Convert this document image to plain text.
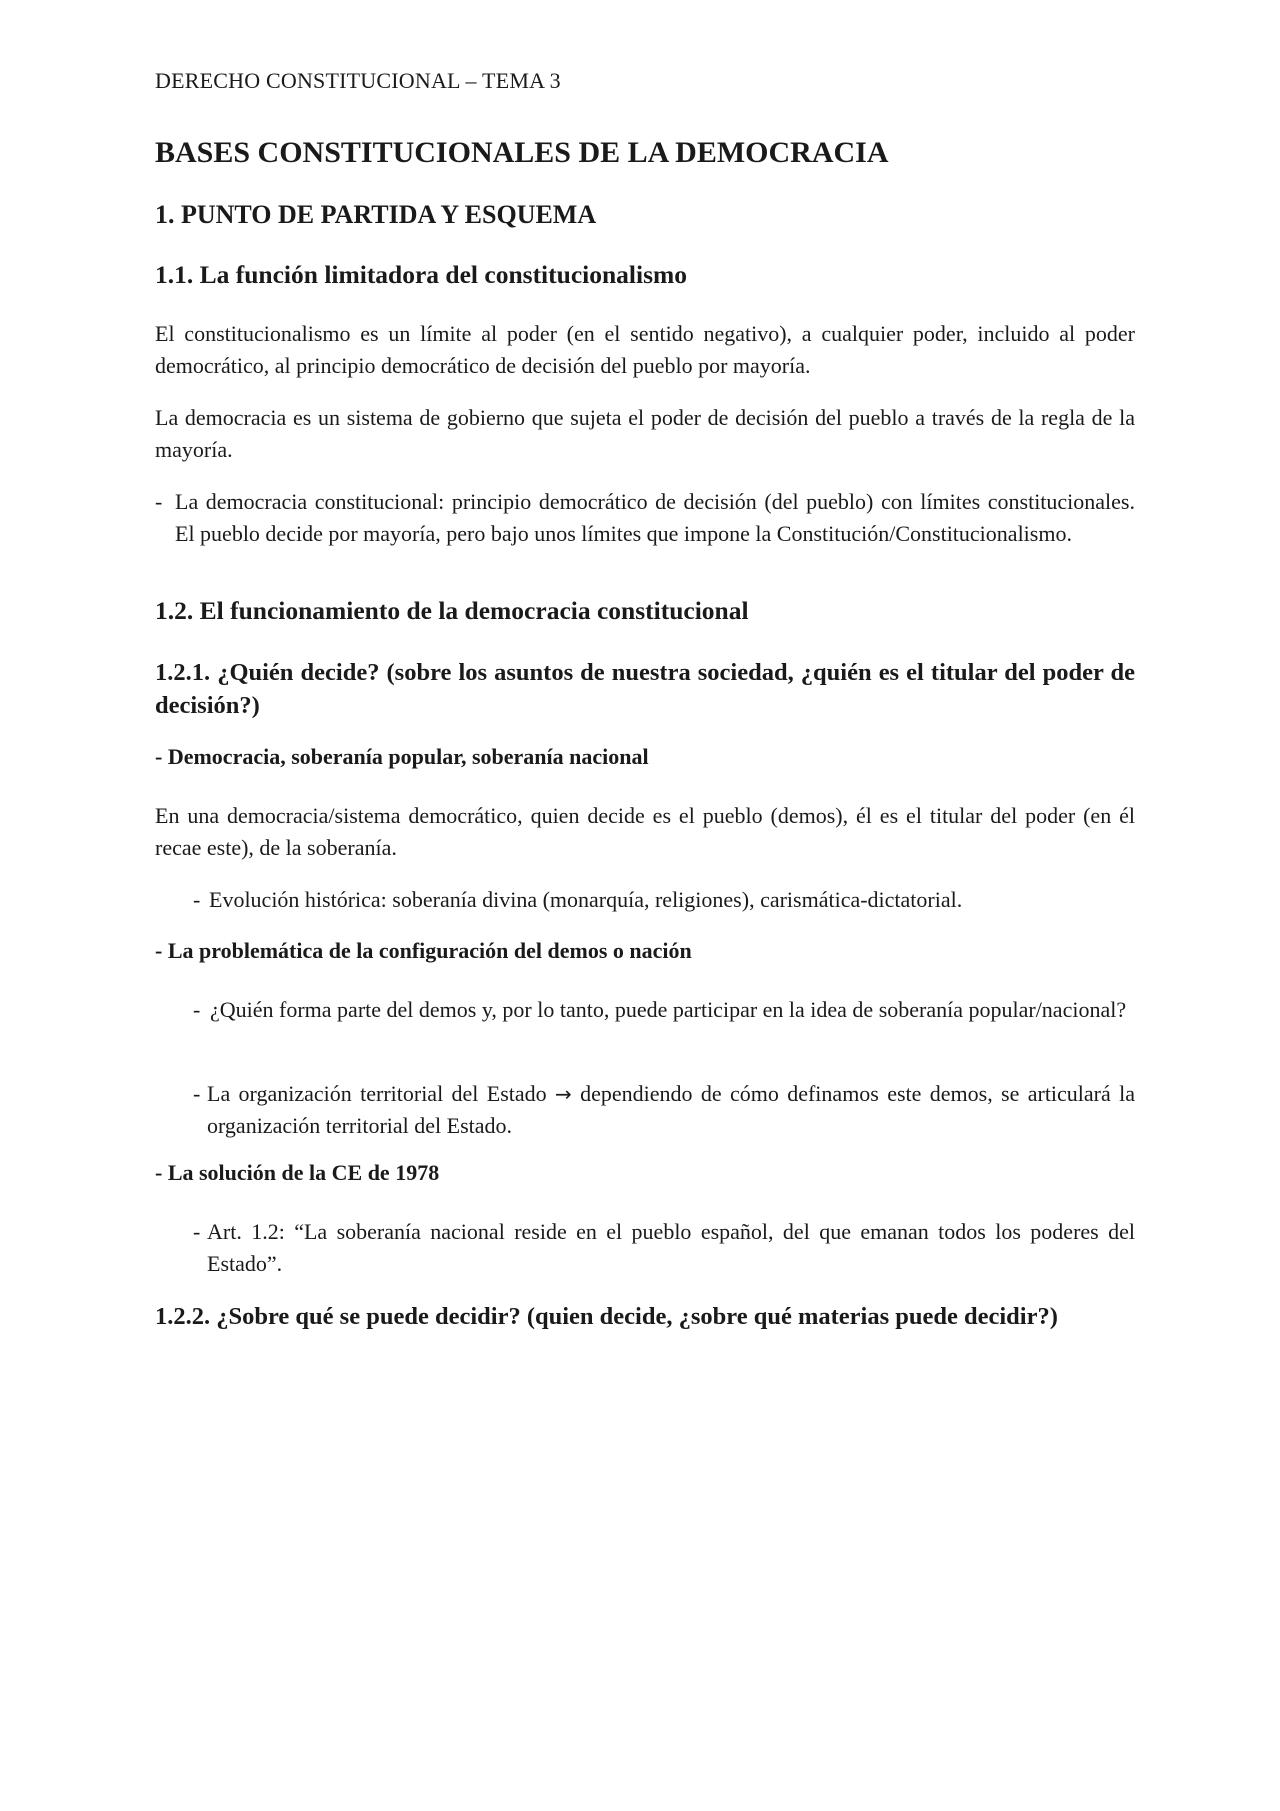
DERECHO CONSTITUCIONAL – TEMA 3

BASES CONSTITUCIONALES DE LA DEMOCRACIA
1. PUNTO DE PARTIDA Y ESQUEMA
1.1. La función limitadora del constitucionalismo

El constitucionalismo es un límite al poder (en el sentido negativo), a cualquier poder, incluido al poder democrático, al principio democrático de decisión del pueblo por mayoría.

La democracia es un sistema de gobierno que sujeta el poder de decisión del pueblo a través de la regla de la mayoría.

- La democracia constitucional: principio democrático de decisión (del pueblo) con límites constitucionales. El pueblo decide por mayoría, pero bajo unos límites que impone la Constitución/Constitucionalismo.

1.2. El funcionamiento de la democracia constitucional
1.2.1. ¿Quién decide? (sobre los asuntos de nuestra sociedad, ¿quién es el titular del poder de decisión?)

- Democracia, soberanía popular, soberanía nacional

En una democracia/sistema democrático, quien decide es el pueblo (demos), él es el titular del poder (en él recae este), de la soberanía.

- Evolución histórica: soberanía divina (monarquía, religiones), carismática-dictatorial.

- La problemática de la configuración del demos o nación

- ¿Quién forma parte del demos y, por lo tanto, puede participar en la idea de soberanía popular/nacional?

- La organización territorial del Estado → dependiendo de cómo definamos este demos, se articulará la organización territorial del Estado.

- La solución de la CE de 1978

- Art. 1.2: “La soberanía nacional reside en el pueblo español, del que emanan todos los poderes del Estado”.

1.2.2. ¿Sobre qué se puede decidir? (quien decide, ¿sobre qué materias puede decidir?)
